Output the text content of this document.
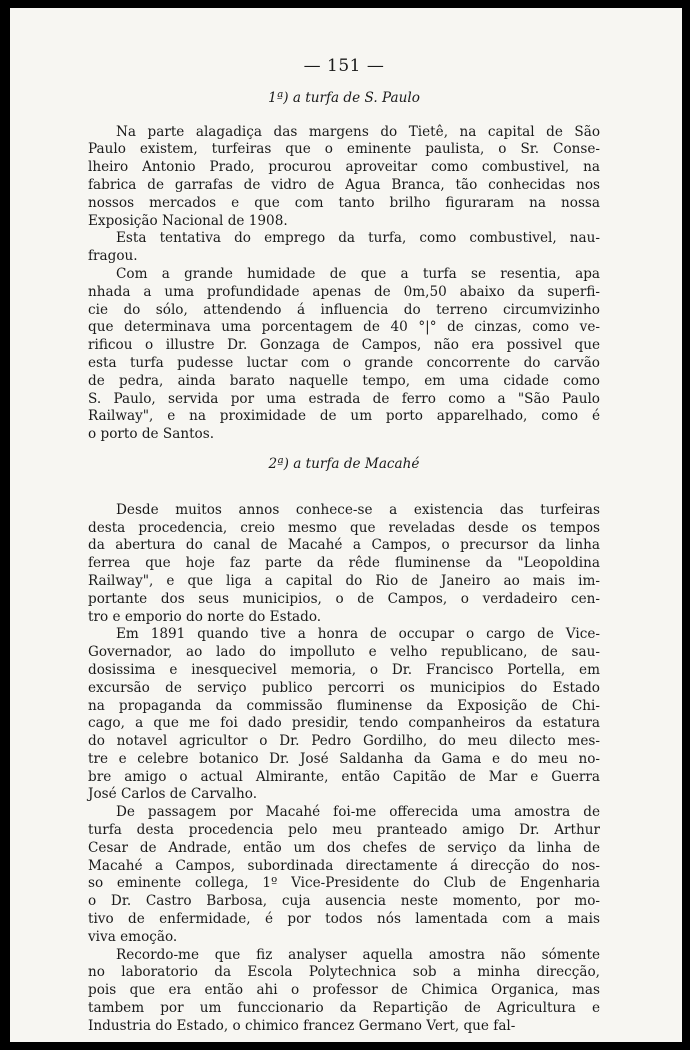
— 151 —
1ª) a turfa de S. Paulo
Na parte alagadiça das margens do Tietê, na capital de São
Paulo existem, turfeiras que o eminente paulista, o Sr. Conse-
lheiro Antonio Prado, procurou aproveitar como combustivel, na
fabrica de garrafas de vidro de Agua Branca, tão conhecidas nos
nossos mercados e que com tanto brilho figuraram na nossa
Exposição Nacional de 1908.
Esta tentativa do emprego da turfa, como combustivel, nau-
fragou.
Com a grande humidade de que a turfa se resentia, apa
nhada a uma profundidade apenas de 0m,50 abaixo da superfi-
cie do sólo, attendendo á influencia do terreno circumvizinho
que determinava uma porcentagem de 40 °|° de cinzas, como ve-
rificou o illustre Dr. Gonzaga de Campos, não era possivel que
esta turfa pudesse luctar com o grande concorrente do carvão
de pedra, ainda barato naquelle tempo, em uma cidade como
S. Paulo, servida por uma estrada de ferro como a "São Paulo
Railway", e na proximidade de um porto apparelhado, como é
o porto de Santos.
2ª) a turfa de Macahé
Desde muitos annos conhece-se a existencia das turfeiras
desta procedencia, creio mesmo que reveladas desde os tempos
da abertura do canal de Macahé a Campos, o precursor da linha
ferrea que hoje faz parte da rêde fluminense da "Leopoldina
Railway", e que liga a capital do Rio de Janeiro ao mais im-
portante dos seus municipios, o de Campos, o verdadeiro cen-
tro e emporio do norte do Estado.
Em 1891 quando tive a honra de occupar o cargo de Vice-
Governador, ao lado do impolluto e velho republicano, de sau-
dosissima e inesquecivel memoria, o Dr. Francisco Portella, em
excursão de serviço publico percorri os municipios do Estado
na propaganda da commissão fluminense da Exposição de Chi-
cago, a que me foi dado presidir, tendo companheiros da estatura
do notavel agricultor o Dr. Pedro Gordilho, do meu dilecto mes-
tre e celebre botanico Dr. José Saldanha da Gama e do meu no-
bre amigo o actual Almirante, então Capitão de Mar e Guerra
José Carlos de Carvalho.
De passagem por Macahé foi-me offerecida uma amostra de
turfa desta procedencia pelo meu pranteado amigo Dr. Arthur
Cesar de Andrade, então um dos chefes de serviço da linha de
Macahé a Campos, subordinada directamente á direcção do nos-
so eminente collega, 1º Vice-Presidente do Club de Engenharia
o Dr. Castro Barbosa, cuja ausencia neste momento, por mo-
tivo de enfermidade, é por todos nós lamentada com a mais
viva emoção.
Recordo-me que fiz analyser aquella amostra não sómente
no laboratorio da Escola Polytechnica sob a minha direcção,
pois que era então ahi o professor de Chimica Organica, mas
tambem por um funccionario da Repartição de Agricultura e
Industria do Estado, o chimico francez Germano Vert, que fal-
